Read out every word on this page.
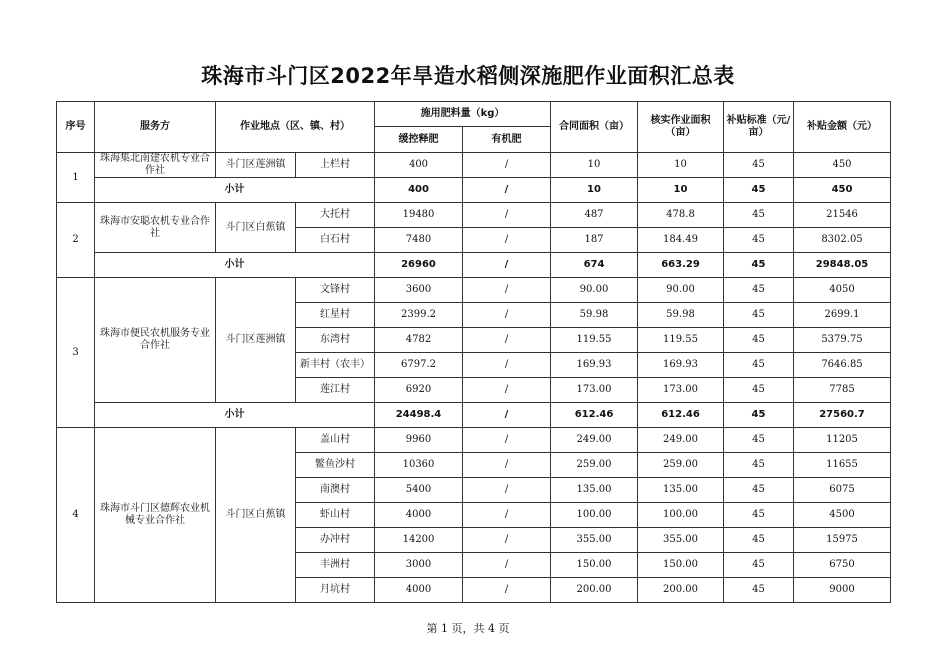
珠海市斗门区2022年旱造水稻侧深施肥作业面积汇总表
序号	服务方	作业地点（区、镇、村）		施用肥料量（kg）		合同面积（亩）	核实作业面积（亩）	补贴标准（元/亩）	补贴金额（元）
				缓控释肥	有机肥				
1	珠海集北南建农机专业合作社	斗门区莲洲镇	上栏村	400	/	10	10	45	450
	小计			400	/	10	10	45	450
2	珠海市安聪农机专业合作社	斗门区白蕉镇	大托村	19480	/	487	478.8	45	21546
			白石村	7480	/	187	184.49	45	8302.05
	小计			26960	/	674	663.29	45	29848.05
3	珠海市便民农机服务专业合作社	斗门区莲洲镇	文锋村	3600	/	90.00	90.00	45	4050
			红星村	2399.2	/	59.98	59.98	45	2699.1
			东湾村	4782	/	119.55	119.55	45	5379.75
			新丰村（农丰）	6797.2	/	169.93	169.93	45	7646.85
			莲江村	6920	/	173.00	173.00	45	7785
	小计			24498.4	/	612.46	612.46	45	27560.7
4	珠海市斗门区德辉农业机械专业合作社	斗门区白蕉镇	盖山村	9960	/	249.00	249.00	45	11205
			鳘鱼沙村	10360	/	259.00	259.00	45	11655
			南澳村	5400	/	135.00	135.00	45	6075
			虾山村	4000	/	100.00	100.00	45	4500
			办冲村	14200	/	355.00	355.00	45	15975
			丰洲村	3000	/	150.00	150.00	45	6750
			月坑村	4000	/	200.00	200.00	45	9000
第 1 页，共 4 页
